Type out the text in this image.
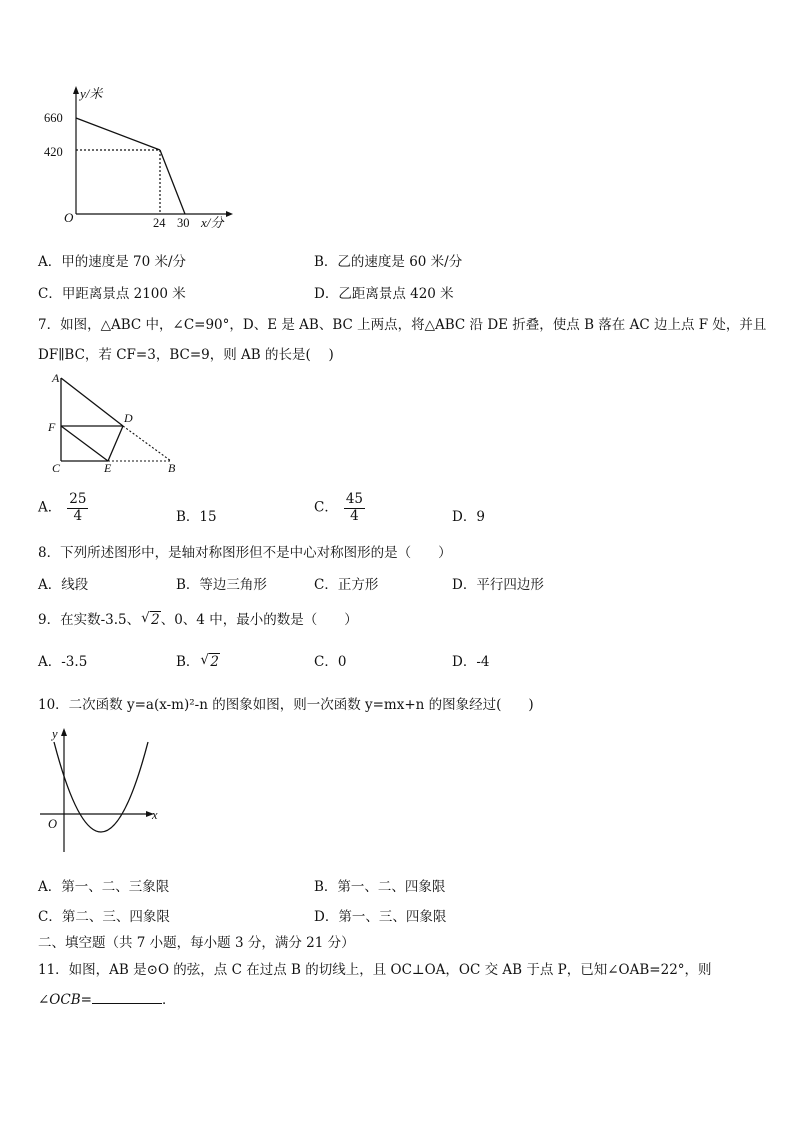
y/米
x/分
O
660
420
24 30
A．甲的速度是 70 米/分	B．乙的速度是 60 米/分
C．甲距离景点 2100 米	D．乙距离景点 420 米
7．如图，△ABC 中，∠C=90°，D、E 是 AB、BC 上两点，将△ABC 沿 DE 折叠，使点 B 落在 AC 边上点 F 处，并且
DF∥BC，若 CF=3，BC=9，则 AB 的长是(　 )
A
D
F
C	E	B
A． $\frac{25}{4}$	B．15
C． $\frac{45}{4}$	D．9
8．下列所述图形中，是轴对称图形但不是中心对称图形的是（　　）
A．线段	B．等边三角形	C．正方形	D．平行四边形
9．在实数-3.5、 √ 2、0、4 中，最小的数是（　　）
A．-3.5	B． √ 2	C．0	D．-4
10．二次函数 y=a(x-m)²-n 的图象如图，则一次函数 y=mx+n 的图象经过(　　)
y
x
O
A．第一、二、三象限	B．第一、二、四象限
C．第二、三、四象限	D．第一、三、四象限
二、填空题（共 7 小题，每小题 3 分，满分 21 分）
11．如图，AB 是⊙O 的弦，点 C 在过点 B 的切线上，且 OC⊥OA，OC 交 AB 于点 P，已知∠OAB=22°，则
∠OCB=	．
